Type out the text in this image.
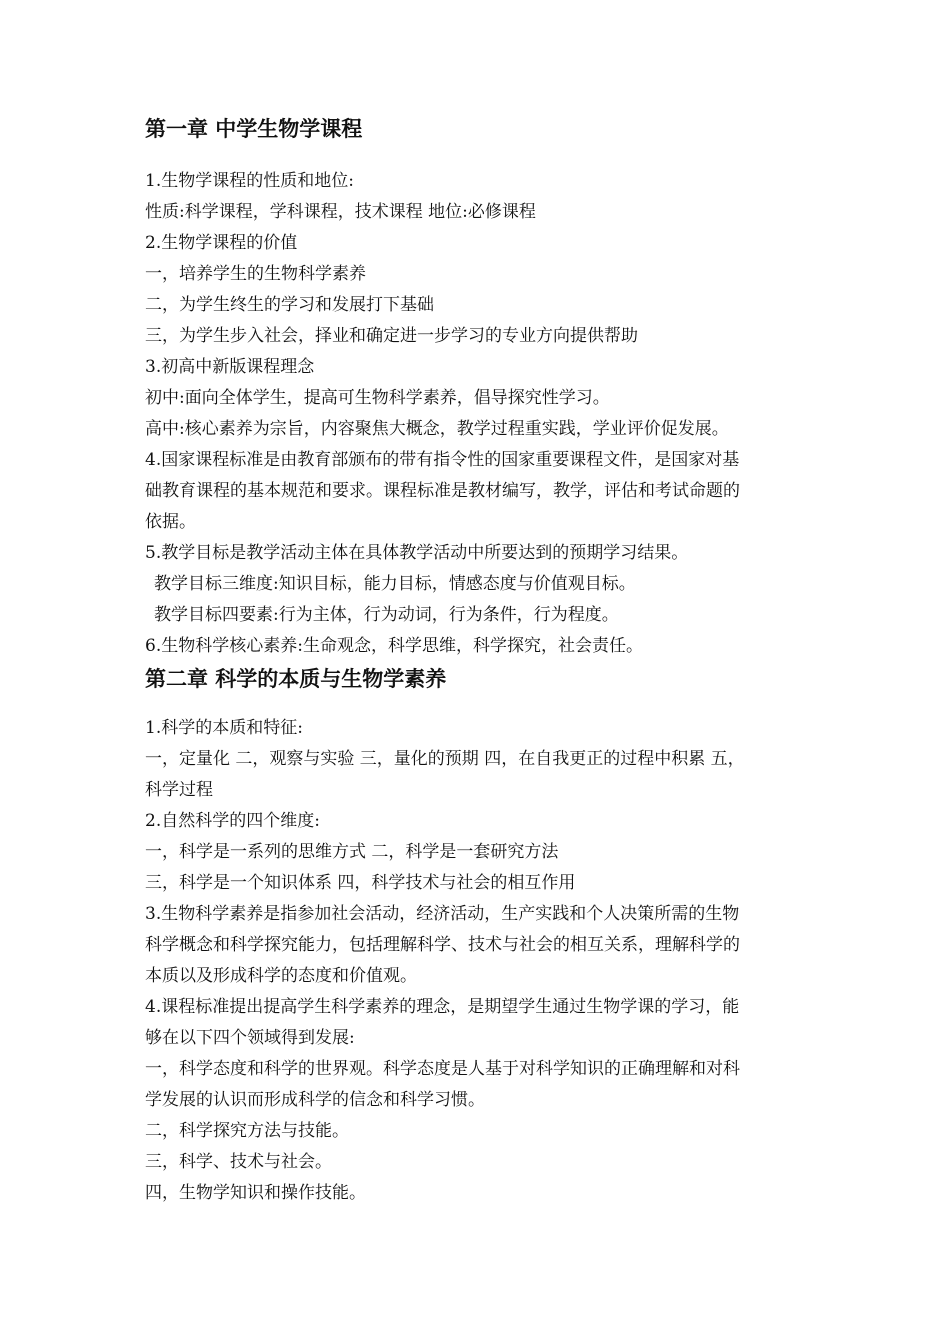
第一章 中学生物学课程

1.生物学课程的性质和地位:

性质:科学课程，学科课程，技术课程 地位:必修课程

2.生物学课程的价值

一，培养学生的生物科学素养

二，为学生终生的学习和发展打下基础

三，为学生步入社会，择业和确定进一步学习的专业方向提供帮助

3.初高中新版课程理念

初中:面向全体学生，提高可生物科学素养，倡导探究性学习。

高中:核心素养为宗旨，内容聚焦大概念，教学过程重实践，学业评价促发展。

4.国家课程标准是由教育部颁布的带有指令性的国家重要课程文件，是国家对基

础教育课程的基本规范和要求。课程标准是教材编写，教学，评估和考试命题的

依据。

5.教学目标是教学活动主体在具体教学活动中所要达到的预期学习结果。

教学目标三维度:知识目标，能力目标，情感态度与价值观目标。

教学目标四要素:行为主体，行为动词，行为条件，行为程度。

6.生物科学核心素养:生命观念，科学思维，科学探究，社会责任。

第二章 科学的本质与生物学素养

1.科学的本质和特征:

一，定量化 二，观察与实验 三，量化的预期 四，在自我更正的过程中积累 五，

科学过程

2.自然科学的四个维度:

一，科学是一系列的思维方式 二，科学是一套研究方法

三，科学是一个知识体系 四，科学技术与社会的相互作用

3.生物科学素养是指参加社会活动，经济活动，生产实践和个人决策所需的生物

科学概念和科学探究能力，包括理解科学、技术与社会的相互关系，理解科学的

本质以及形成科学的态度和价值观。

4.课程标准提出提高学生科学素养的理念，是期望学生通过生物学课的学习，能

够在以下四个领域得到发展:

一，科学态度和科学的世界观。科学态度是人基于对科学知识的正确理解和对科

学发展的认识而形成科学的信念和科学习惯。

二，科学探究方法与技能。

三，科学、技术与社会。

四，生物学知识和操作技能。
